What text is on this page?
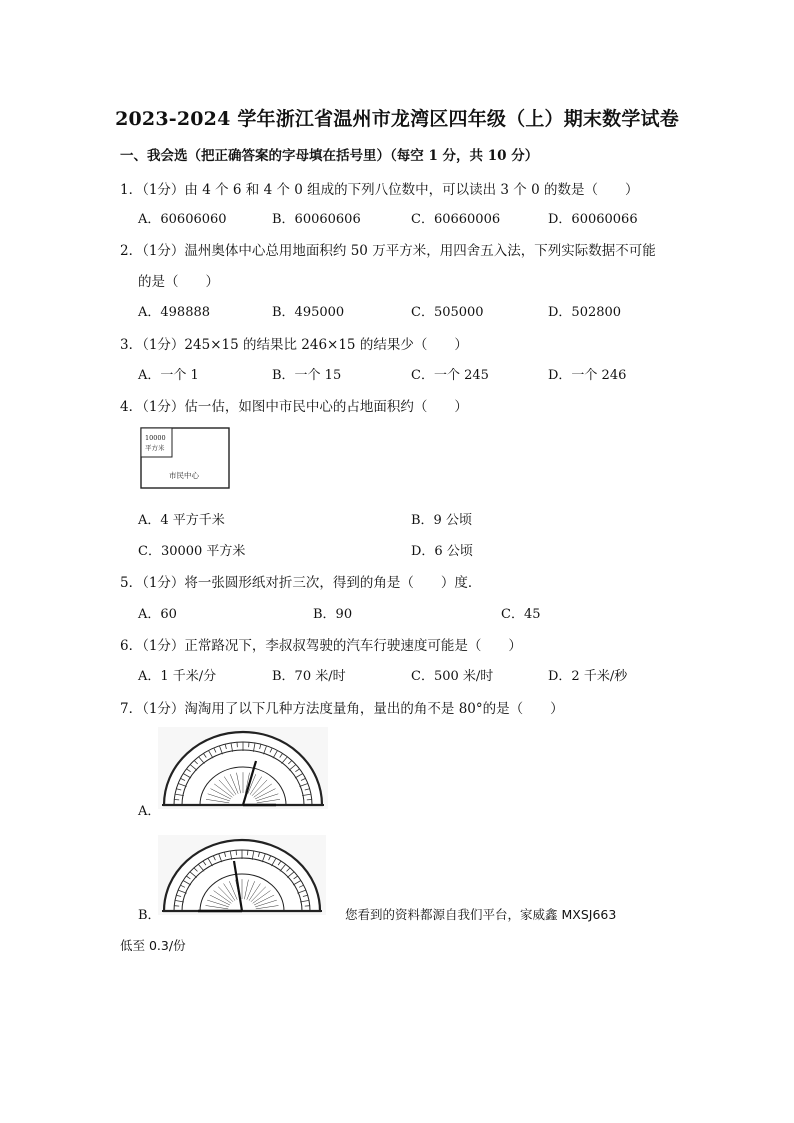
2023-2024 学年浙江省温州市龙湾区四年级（上）期末数学试卷
一、我会选（把正确答案的字母填在括号里）（每空 1 分，共 10 分）
1．（1分）由 4 个 6 和 4 个 0 组成的下列八位数中，可以读出 3 个 0 的数是（　　）
A．60606060	B．60060606	C．60660006	D．60060066
2．（1分）温州奥体中心总用地面积约 50 万平方米，用四舍五入法，下列实际数据不可能
的是（　　）
A．498888	B．495000	C．505000	D．502800
3．（1分）245×15 的结果比 246×15 的结果少（　　）
A．一个 1	B．一个 15	C．一个 245	D．一个 246
4．（1分）估一估，如图中市民中心的占地面积约（　　）
10000
平方米
市民中心
A．4 平方千米	B．9 公顷
C．30000 平方米	D．6 公顷
5．（1分）将一张圆形纸对折三次，得到的角是（　　）度．
A．60	B．90	C．45
6．（1分）正常路况下，李叔叔驾驶的汽车行驶速度可能是（　　）
A．1 千米/分	B．70 米/时	C．500 米/时	D．2 千米/秒
7．（1分）淘淘用了以下几种方法度量角，量出的角不是 80°的是（　　）
A．
B．	您看到的资料都源自我们平台，家威鑫 MXSJ663
低至 0.3/份
